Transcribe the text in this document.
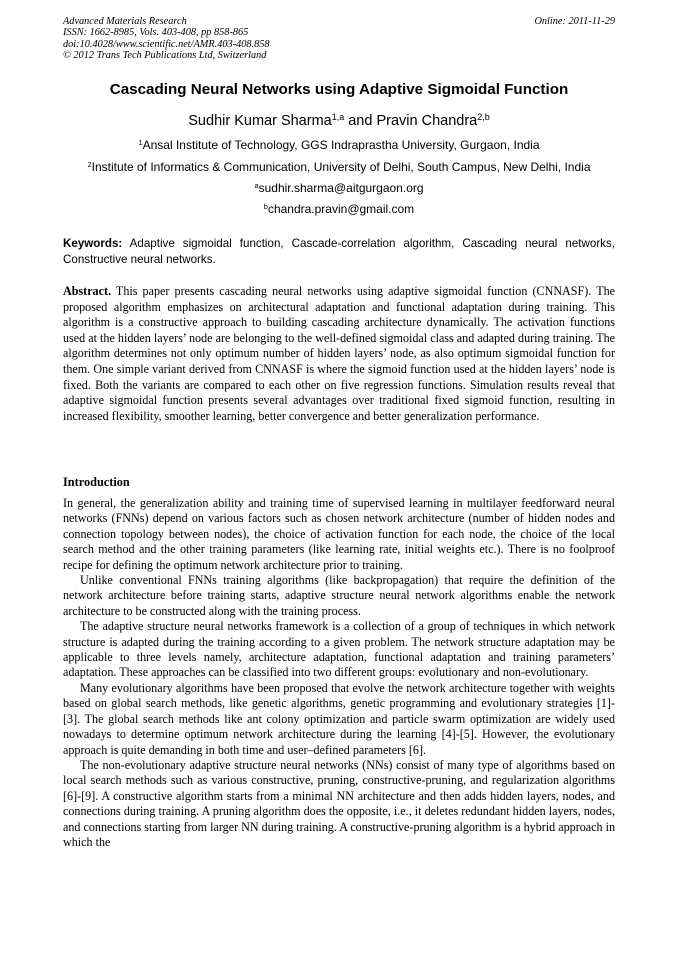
Advanced Materials Research
ISSN: 1662-8985, Vols. 403-408, pp 858-865
doi:10.4028/www.scientific.net/AMR.403-408.858
© 2012 Trans Tech Publications Ltd, Switzerland
Online: 2011-11-29
Cascading Neural Networks using Adaptive Sigmoidal Function
Sudhir Kumar Sharma$^{1,a}$ and Pravin Chandra$^{2,b}$
$^1$Ansal Institute of Technology, GGS Indraprastha University, Gurgaon, India
$^2$Institute of Informatics & Communication, University of Delhi, South Campus, New Delhi, India
$^a$sudhir.sharma@aitgurgaon.org
$^b$chandra.pravin@gmail.com
Keywords: Adaptive sigmoidal function, Cascade-correlation algorithm, Cascading neural networks, Constructive neural networks.
Abstract. This paper presents cascading neural networks using adaptive sigmoidal function (CNNASF). The proposed algorithm emphasizes on architectural adaptation and functional adaptation during training. This algorithm is a constructive approach to building cascading architecture dynamically. The activation functions used at the hidden layers’ node are belonging to the well-defined sigmoidal class and adapted during training. The algorithm determines not only optimum number of hidden layers’ node, as also optimum sigmoidal function for them. One simple variant derived from CNNASF is where the sigmoid function used at the hidden layers’ node is fixed. Both the variants are compared to each other on five regression functions. Simulation results reveal that adaptive sigmoidal function presents several advantages over traditional fixed sigmoid function, resulting in increased flexibility, smoother learning, better convergence and better generalization performance.
Introduction

In general, the generalization ability and training time of supervised learning in multilayer feedforward neural networks (FNNs) depend on various factors such as chosen network architecture (number of hidden nodes and connection topology between nodes), the choice of activation function for each node, the choice of the local search method and the other training parameters (like learning rate, initial weights etc.). There is no foolproof recipe for defining the optimum network architecture prior to training.

Unlike conventional FNNs training algorithms (like backpropagation) that require the definition of the network architecture before training starts, adaptive structure neural network algorithms enable the network architecture to be constructed along with the training process.

The adaptive structure neural networks framework is a collection of a group of techniques in which network structure is adapted during the training according to a given problem. The network structure adaptation may be applicable to three levels namely, architecture adaptation, functional adaptation and training parameters’ adaptation. These approaches can be classified into two different groups: evolutionary and non-evolutionary.

Many evolutionary algorithms have been proposed that evolve the network architecture together with weights based on global search methods, like genetic algorithms, genetic programming and evolutionary strategies [1]-[3]. The global search methods like ant colony optimization and particle swarm optimization are widely used nowadays to determine optimum network architecture during the learning [4]-[5]. However, the evolutionary approach is quite demanding in both time and user–defined parameters [6].

The non-evolutionary adaptive structure neural networks (NNs) consist of many type of algorithms based on local search methods such as various constructive, pruning, constructive-pruning, and regularization algorithms [6]-[9]. A constructive algorithm starts from a minimal NN architecture and then adds hidden layers, nodes, and connections during training. A pruning algorithm does the opposite, i.e., it deletes redundant hidden layers, nodes, and connections starting from larger NN during training. A constructive-pruning algorithm is a hybrid approach in which the
